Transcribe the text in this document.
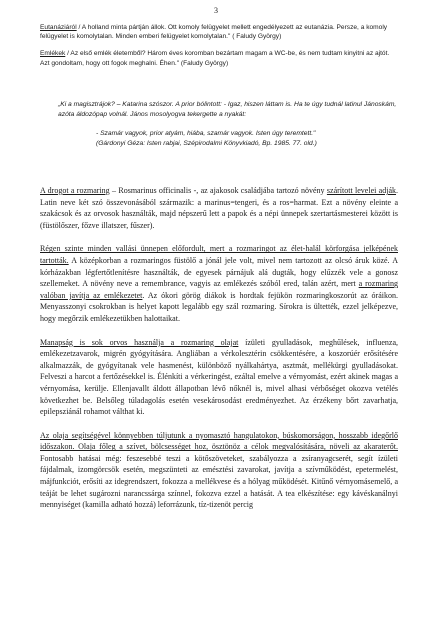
3
Eutanáziáról / A holland minta pártján állok. Ott komoly felügyelet mellett engedélyezett az eutanázia. Persze, a komoly felügyelet is komolytalan. Minden emberi felügyelet komolytalan." ( Faludy György)
Emlékek / Az első emlék életemből? Három éves koromban bezártam magam a WC-be, és nem tudtam kinyitni az ajtót. Azt gondoltam, hogy ott fogok meghalni. Éhen." (Faludy György)

„Ki a magisztrájok? – Katarina szószor. A prior bólintott: - Igaz, hiszen láttam is. Ha te úgy tudnál latinul Jánoskám, azóta áldozópap volnál. János mosolyogva tekergette a nyakát:

- Szamár vagyok, prior atyám, hiába, szamár vagyok. Isten úgy teremtett."

(Gárdonyi Géza: Isten rabjai, Szépirodalmi Könyvkiadó, Bp. 1985. 77. old.)

A drogot a rozmaring – Rosmarinus officinalis -, az ajakosok családjába tartozó növény szárított levelei adják. Latin neve két szó összevonásából származik: a marinus=tengeri, és a ros=harmat. Ezt a növény eleinte a szakácsok és az orvosok használták, majd népszerű lett a papok és a népi ünnepek szertartásmesterei között is (füstölőszer, főzve illatszer, fűszer).

Régen szinte minden vallási ünnepen előfordult, mert a rozmaringot az élet-halál körforgása jelképének tartották. A középkorban a rozmaringos füstölő a jónál jele volt, mivel nem tartozott az olcsó áruk közé. A kórházakban légfertőtlenítésre használták, de egyesek párnájuk alá dugták, hogy elűzzék vele a gonosz szellemeket. A növény neve a remembrance, vagyis az emlékezés szóból ered, talán azért, mert a rozmaring valóban javítja az emlékezetet. Az ókori görög diákok is hordtak fejükön rozmaringkoszorút az óráikon. Menyasszonyi csokrokban is helyet kapott legalább egy szál rozmaring. Sírokra is ültették, ezzel jelképezve, hogy megőrzik emlékezetükben halottaikat.

Manapság is sok orvos használja a rozmaring olajat ízületi gyulladások, meghűlések, influenza, emlékezetzavarok, migrén gyógyítására. Angliában a vérkolesztérin csökkentésére, a koszorúér erősítésére alkalmazzák, de gyógyítanak vele hasmenést, különböző nyálkahártya, asztmát, mellékürgi gyulladásokat. Felveszi a harcot a fertőzésekkel is. Élénkíti a vérkeringést, ezáltal emelve a vérnyomást, ezért akinek magas a vérnyomása, kerülje. Ellenjavallt áldott állapotban lévő nőknél is, mivel alhasi vérbőséget okozva vetélés következhet be. Belsőleg túladagolás esetén vesekárosodást eredményezhet. Az érzékeny bőrt zavarhatja, epilepsziánál rohamot válthat ki.

Az olaja segítségével könnyebben túljutunk a nyomasztó hangulatokon, búskomorságon, hosszabb idegőrlő időszakon. Olaja főleg a szívet, bölcsességet hoz, ösztönöz a célok megvalósítására, növeli az akaraterőt. Fontosabb hatásai még: feszesebbé teszi a kötőszöveteket, szabályozza a zsíranyagcserét, segít ízületi fájdalmak, izomgörcsök esetén, megszünteti az emésztési zavarokat, javítja a szívműködést, epetermelést, májfunkciót, erősíti az idegrendszert, fokozza a mellékvese és a hólyag működését. Kitűnő vérnyomásemelő, a teáját be lehet sugározni narancssárga színnel, fokozva ezzel a hatását. A tea elkészítése: egy kávéskanálnyi mennyiséget (kamilla adható hozzá) leforrázunk, tíz-tizenöt percig
